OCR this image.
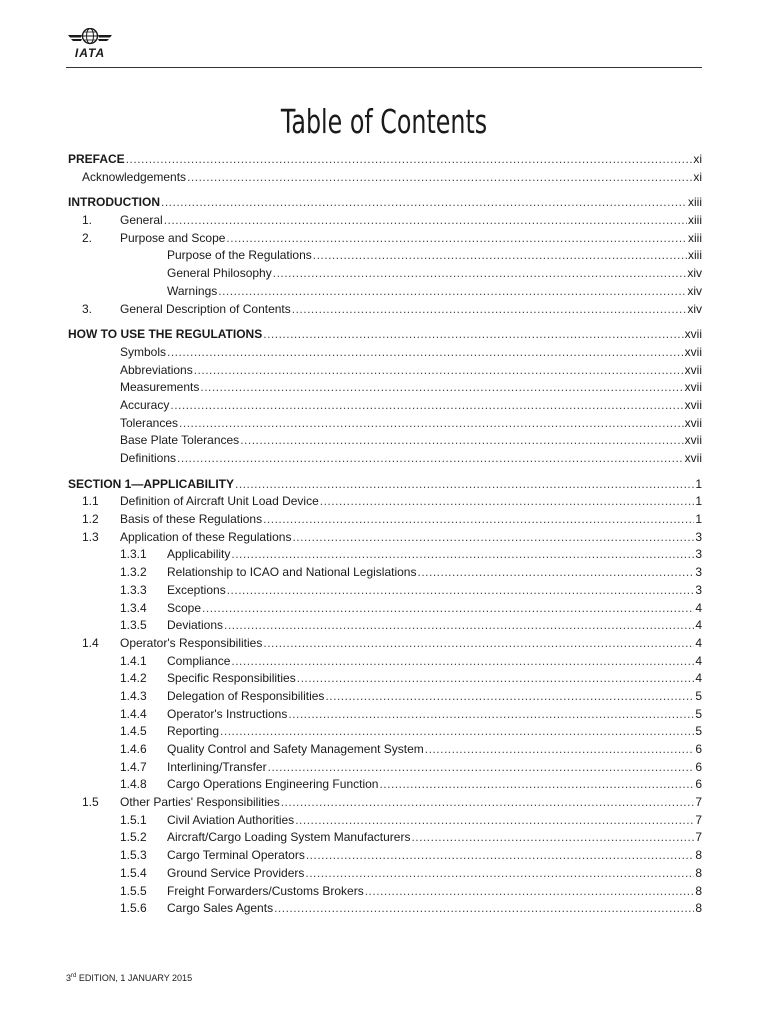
IATA
Table of Contents
PREFACE .....	xi
Acknowledgements .....	xi
INTRODUCTION .....	xiii
1.	General .....	xiii
2.	Purpose and Scope .....	xiii
Purpose of the Regulations .....	xiii
General Philosophy .....	xiv
Warnings .....	xiv
3.	General Description of Contents .....	xiv
HOW TO USE THE REGULATIONS .....	xvii
Symbols .....	xvii
Abbreviations .....	xvii
Measurements .....	xvii
Accuracy .....	xvii
Tolerances .....	xvii
Base Plate Tolerances .....	xvii
Definitions .....	xvii
SECTION 1—APPLICABILITY .....	1
1.1	Definition of Aircraft Unit Load Device .....	1
1.2	Basis of these Regulations .....	1
1.3	Application of these Regulations .....	3
1.3.1	Applicability .....	3
1.3.2	Relationship to ICAO and National Legislations .....	3
1.3.3	Exceptions .....	3
1.3.4	Scope .....	4
1.3.5	Deviations .....	4
1.4	Operator's Responsibilities .....	4
1.4.1	Compliance .....	4
1.4.2	Specific Responsibilities .....	4
1.4.3	Delegation of Responsibilities .....	5
1.4.4	Operator's Instructions .....	5
1.4.5	Reporting .....	5
1.4.6	Quality Control and Safety Management System .....	6
1.4.7	Interlining/Transfer .....	6
1.4.8	Cargo Operations Engineering Function .....	6
1.5	Other Parties' Responsibilities .....	7
1.5.1	Civil Aviation Authorities .....	7
1.5.2	Aircraft/Cargo Loading System Manufacturers .....	7
1.5.3	Cargo Terminal Operators .....	8
1.5.4	Ground Service Providers .....	8
1.5.5	Freight Forwarders/Customs Brokers .....	8
1.5.6	Cargo Sales Agents .....	8
3rd EDITION, 1 JANUARY 2015
